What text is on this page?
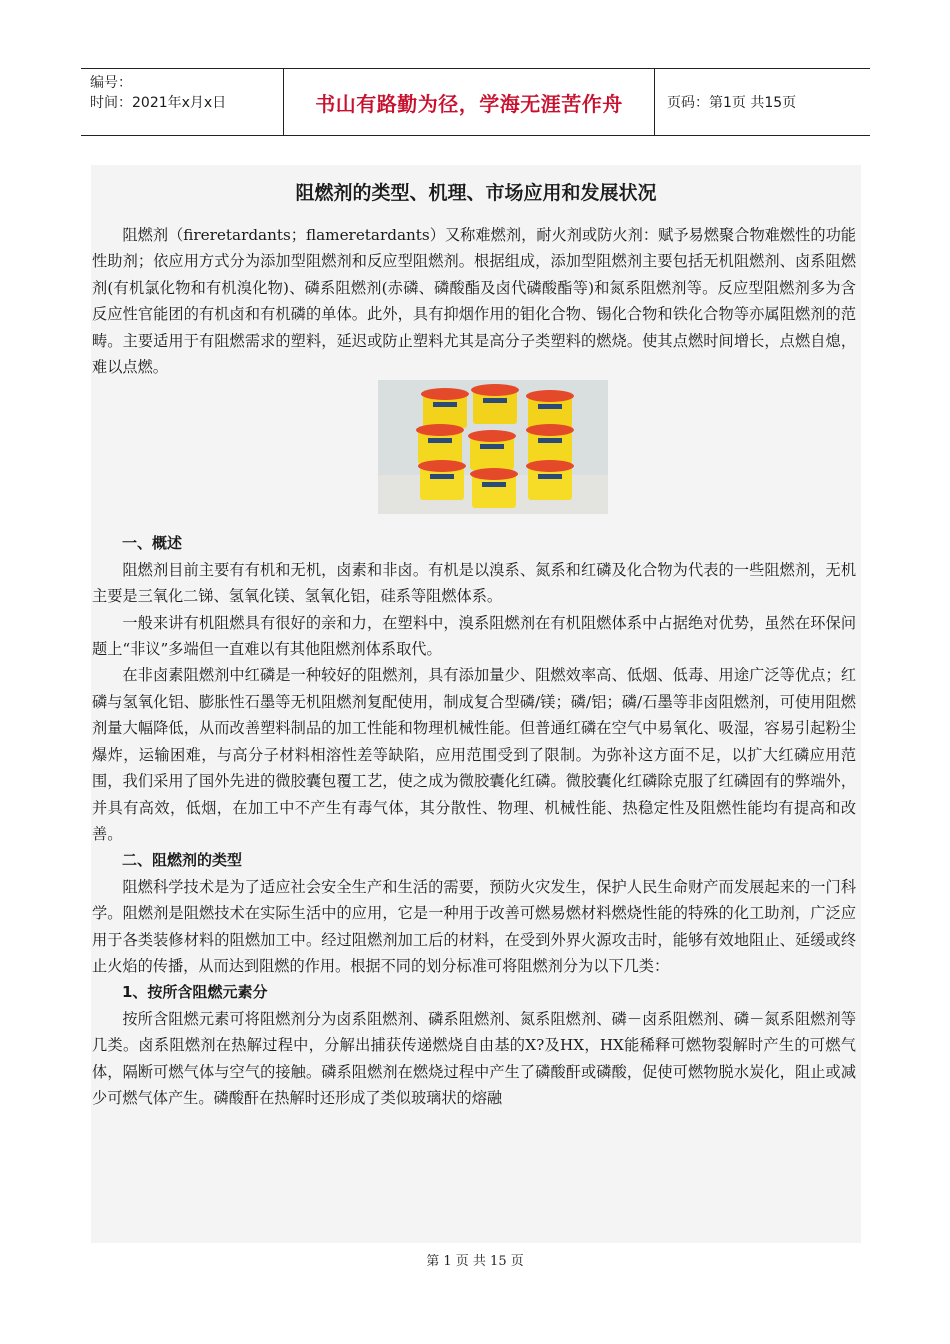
编号：
时间：2021年x月x日	书山有路勤为径，学海无涯苦作舟	页码：第1页 共15页
阻燃剂的类型、机理、市场应用和发展状况

阻燃剂（fireretardants；flameretardants）又称难燃剂，耐火剂或防火剂：赋予易燃聚合物难燃性的功能性助剂；依应用方式分为添加型阻燃剂和反应型阻燃剂。根据组成，添加型阻燃剂主要包括无机阻燃剂、卤系阻燃剂(有机氯化物和有机溴化物)、磷系阻燃剂(赤磷、磷酸酯及卤代磷酸酯等)和氮系阻燃剂等。反应型阻燃剂多为含反应性官能团的有机卤和有机磷的单体。此外，具有抑烟作用的钼化合物、锡化合物和铁化合物等亦属阻燃剂的范畴。主要适用于有阻燃需求的塑料，延迟或防止塑料尤其是高分子类塑料的燃烧。使其点燃时间增长，点燃自熄，难以点燃。

一、概述

阻燃剂目前主要有有机和无机，卤素和非卤。有机是以溴系、氮系和红磷及化合物为代表的一些阻燃剂，无机主要是三氧化二锑、氢氧化镁、氢氧化铝，硅系等阻燃体系。

一般来讲有机阻燃具有很好的亲和力，在塑料中，溴系阻燃剂在有机阻燃体系中占据绝对优势，虽然在环保问题上“非议”多端但一直难以有其他阻燃剂体系取代。

在非卤素阻燃剂中红磷是一种较好的阻燃剂，具有添加量少、阻燃效率高、低烟、低毒、用途广泛等优点；红磷与氢氧化铝、膨胀性石墨等无机阻燃剂复配使用，制成复合型磷/镁；磷/铝；磷/石墨等非卤阻燃剂，可使用阻燃剂量大幅降低，从而改善塑料制品的加工性能和物理机械性能。但普通红磷在空气中易氧化、吸湿，容易引起粉尘爆炸，运输困难，与高分子材料相溶性差等缺陷，应用范围受到了限制。为弥补这方面不足，以扩大红磷应用范围，我们采用了国外先进的微胶囊包覆工艺，使之成为微胶囊化红磷。微胶囊化红磷除克服了红磷固有的弊端外，并具有高效，低烟，在加工中不产生有毒气体，其分散性、物理、机械性能、热稳定性及阻燃性能均有提高和改善。

二、阻燃剂的类型

阻燃科学技术是为了适应社会安全生产和生活的需要，预防火灾发生，保护人民生命财产而发展起来的一门科学。阻燃剂是阻燃技术在实际生活中的应用，它是一种用于改善可燃易燃材料燃烧性能的特殊的化工助剂，广泛应用于各类装修材料的阻燃加工中。经过阻燃剂加工后的材料，在受到外界火源攻击时，能够有效地阻止、延缓或终止火焰的传播，从而达到阻燃的作用。根据不同的划分标准可将阻燃剂分为以下几类：

1、按所含阻燃元素分

按所含阻燃元素可将阻燃剂分为卤系阻燃剂、磷系阻燃剂、氮系阻燃剂、磷－卤系阻燃剂、磷－氮系阻燃剂等几类。卤系阻燃剂在热解过程中，分解出捕获传递燃烧自由基的X?及HX，HX能稀释可燃物裂解时产生的可燃气体，隔断可燃气体与空气的接触。磷系阻燃剂在燃烧过程中产生了磷酸酐或磷酸，促使可燃物脱水炭化，阻止或减少可燃气体产生。磷酸酐在热解时还形成了类似玻璃状的熔融

第 1 页 共 15 页
